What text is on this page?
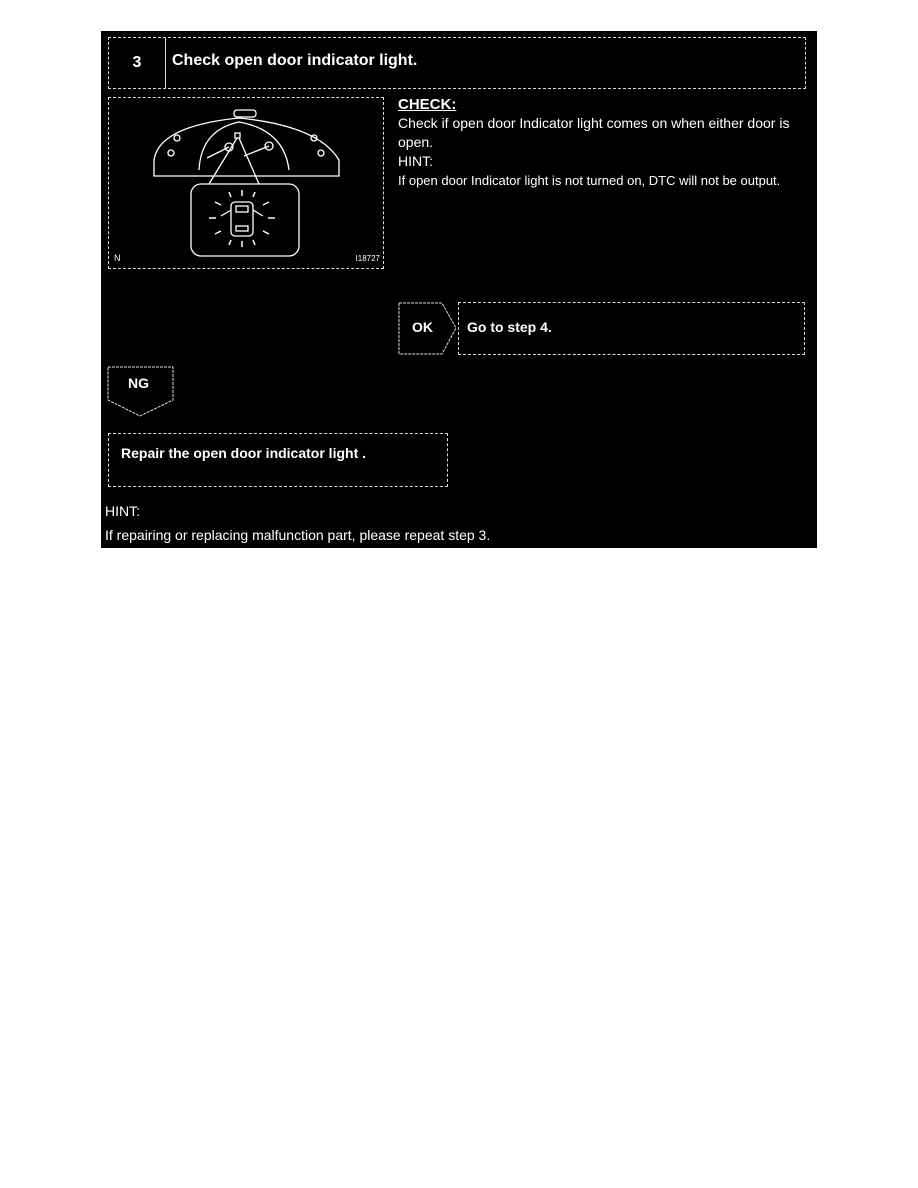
3	Check open door indicator light.
N	I18727
CHECK:
Check if open door Indicator light comes on when either door is open.
HINT:
If open door Indicator light is not turned on, DTC will not be output.
OK Go to step 4.
NG
Repair the open door indicator light .
HINT:
If repairing or replacing malfunction part, please repeat step 3.
